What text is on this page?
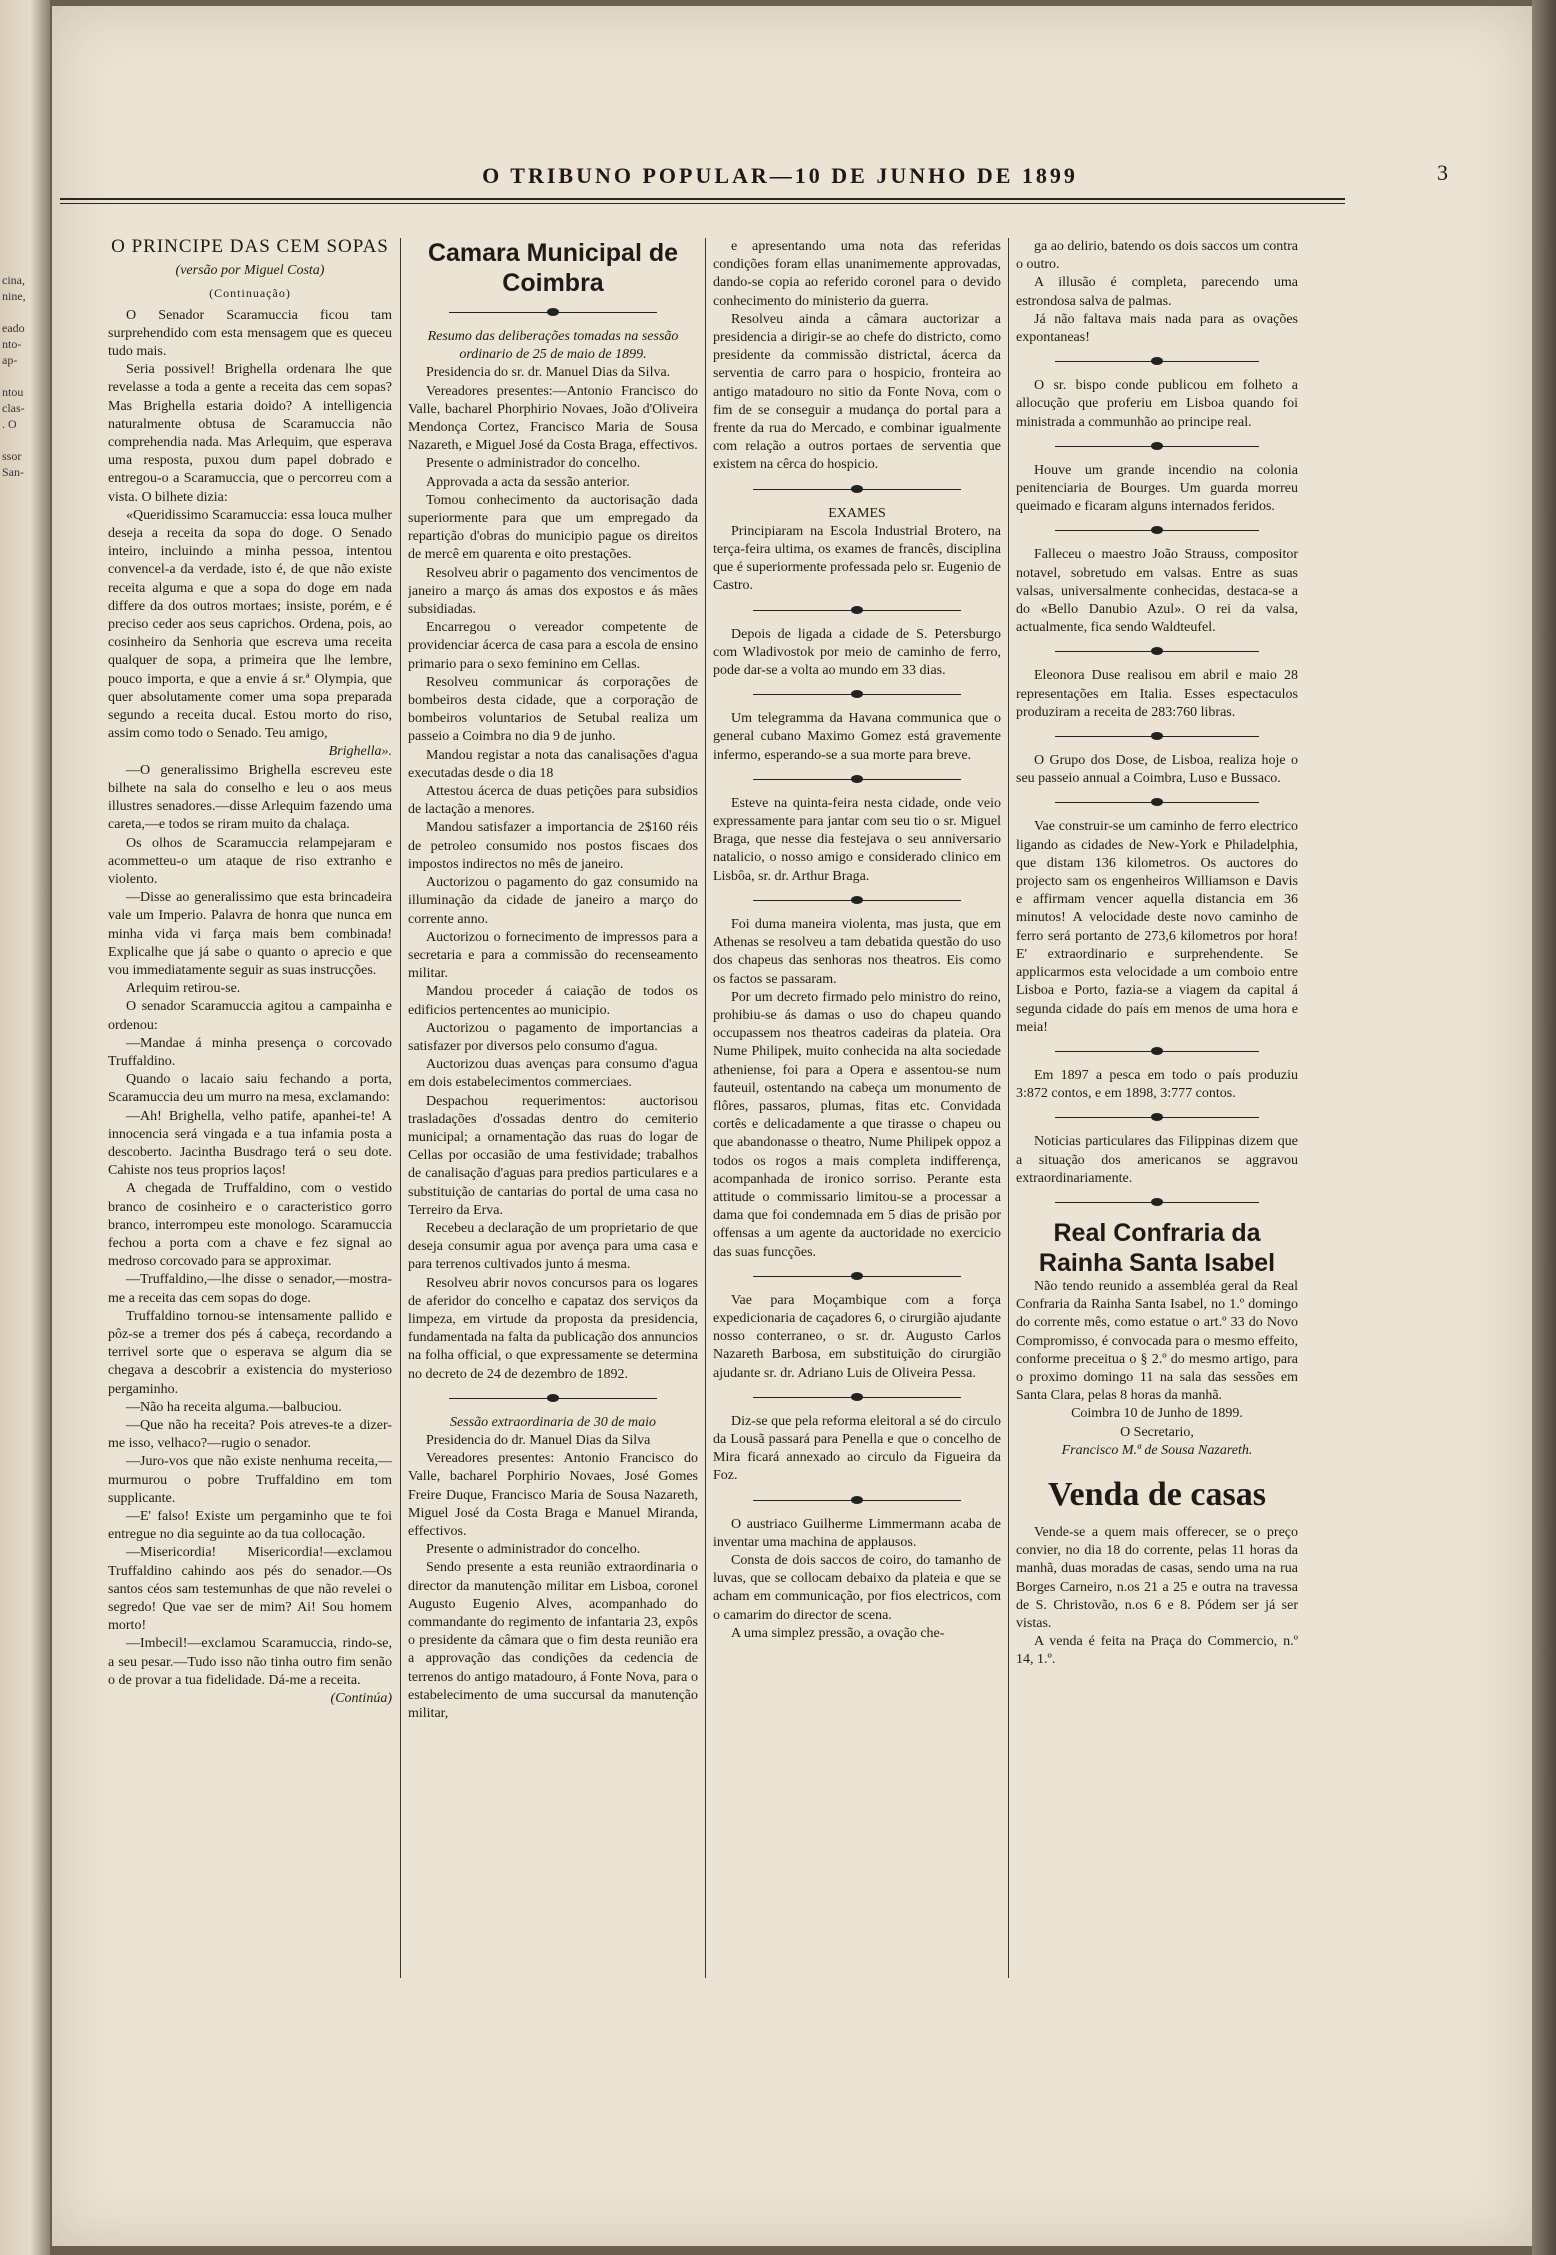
cina,
nine,

eado
nto-
ap-

ntou
clas-
. O

ssor
San-
O TRIBUNO POPULAR—10 DE JUNHO DE 1899	3

O PRINCIPE DAS CEM SOPAS

(versão por Miguel Costa)

(Continuação)

O Senador Scaramuccia ficou tam surprehendido com esta mensagem que es queceu tudo mais.

Seria possivel! Brighella ordenara lhe que revelasse a toda a gente a receita das cem sopas? Mas Brighella estaria doido? A intelligencia naturalmente obtusa de Scaramuccia não comprehendia nada. Mas Arlequim, que esperava uma resposta, puxou dum papel dobrado e entregou-o a Scaramuccia, que o percorreu com a vista. O bilhete dizia:

«Queridissimo Scaramuccia: essa louca mulher deseja a receita da sopa do doge. O Senado inteiro, incluindo a minha pessoa, intentou convencel-a da verdade, isto é, de que não existe receita alguma e que a sopa do doge em nada differe da dos outros mortaes; insiste, porém, e é preciso ceder aos seus caprichos. Ordena, pois, ao cosinheiro da Senhoria que escreva uma receita qualquer de sopa, a primeira que lhe lembre, pouco importa, e que a envie á sr.ª Olympia, que quer absolutamente comer uma sopa preparada segundo a receita ducal. Estou morto do riso, assim como todo o Senado. Teu amigo,

Brighella».

—O generalissimo Brighella escreveu este bilhete na sala do conselho e leu o aos meus illustres senadores.—disse Arlequim fazendo uma careta,—e todos se riram muito da chalaça.

Os olhos de Scaramuccia relampejaram e acommetteu-o um ataque de riso extranho e violento.

—Disse ao generalissimo que esta brincadeira vale um Imperio. Palavra de honra que nunca em minha vida vi farça mais bem combinada! Explicalhe que já sabe o quanto o aprecio e que vou immediatamente seguir as suas instrucções.

Arlequim retirou-se.

O senador Scaramuccia agitou a campainha e ordenou:

—Mandae á minha presença o corcovado Truffaldino.

Quando o lacaio saiu fechando a porta, Scaramuccia deu um murro na mesa, exclamando:

—Ah! Brighella, velho patife, apanhei-te! A innocencia será vingada e a tua infamia posta a descoberto. Jacintha Busdrago terá o seu dote. Cahiste nos teus proprios laços!

A chegada de Truffaldino, com o vestido branco de cosinheiro e o caracteristico gorro branco, interrompeu este monologo. Scaramuccia fechou a porta com a chave e fez signal ao medroso corcovado para se approximar.

—Truffaldino,—lhe disse o senador,—mostra-me a receita das cem sopas do doge.

Truffaldino tornou-se intensamente pallido e pôz-se a tremer dos pés á cabeça, recordando a terrivel sorte que o esperava se algum dia se chegava a descobrir a existencia do mysterioso pergaminho.

—Não ha receita alguma.—balbuciou.

—Que não ha receita? Pois atreves-te a dizer-me isso, velhaco?—rugio o senador.

—Juro-vos que não existe nenhuma receita,—murmurou o pobre Truffaldino em tom supplicante.

—E' falso! Existe um pergaminho que te foi entregue no dia seguinte ao da tua collocação.

—Misericordia! Misericordia!—exclamou Truffaldino cahindo aos pés do senador.—Os santos céos sam testemunhas de que não revelei o segredo! Que vae ser de mim? Ai! Sou homem morto!

—Imbecil!—exclamou Scaramuccia, rindo-se, a seu pesar.—Tudo isso não tinha outro fim senão o de provar a tua fidelidade. Dá-me a receita.

(Continúa)

Camara Municipal de Coimbra

Resumo das deliberações tomadas na sessão ordinario de 25 de maio de 1899.

Presidencia do sr. dr. Manuel Dias da Silva.

Vereadores presentes:—Antonio Francisco do Valle, bacharel Phorphirio Novaes, João d'Oliveira Mendonça Cortez, Francisco Maria de Sousa Nazareth, e Miguel José da Costa Braga, effectivos.

Presente o administrador do concelho.

Approvada a acta da sessão anterior.

Tomou conhecimento da auctorisação dada superiormente para que um empregado da repartição d'obras do municipio pague os direitos de mercê em quarenta e oito prestações.

Resolveu abrir o pagamento dos vencimentos de janeiro a março ás amas dos expostos e ás mães subsidiadas.

Encarregou o vereador competente de providenciar ácerca de casa para a escola de ensino primario para o sexo feminino em Cellas.

Resolveu communicar ás corporações de bombeiros desta cidade, que a corporação de bombeiros voluntarios de Setubal realiza um passeio a Coimbra no dia 9 de junho.

Mandou registar a nota das canalisações d'agua executadas desde o dia 18

Attestou ácerca de duas petições para subsidios de lactação a menores.

Mandou satisfazer a importancia de 2$160 réis de petroleo consumido nos postos fiscaes dos impostos indirectos no mês de janeiro.

Auctorizou o pagamento do gaz consumido na illuminação da cidade de janeiro a março do corrente anno.

Auctorizou o fornecimento de impressos para a secretaria e para a commissão do recenseamento militar.

Mandou proceder á caiação de todos os edificios pertencentes ao municipio.

Auctorizou o pagamento de importancias a satisfazer por diversos pelo consumo d'agua.

Auctorizou duas avenças para consumo d'agua em dois estabelecimentos commerciaes.

Despachou requerimentos: auctorisou trasladações d'ossadas dentro do cemiterio municipal; a ornamentação das ruas do logar de Cellas por occasião de uma festividade; trabalhos de canalisação d'aguas para predios particulares e a substituição de cantarias do portal de uma casa no Terreiro da Erva.

Recebeu a declaração de um proprietario de que deseja consumir agua por avença para uma casa e para terrenos cultivados junto á mesma.

Resolveu abrir novos concursos para os logares de aferidor do concelho e capataz dos serviços da limpeza, em virtude da proposta da presidencia, fundamentada na falta da publicação dos annuncios na folha official, o que expressamente se determina no decreto de 24 de dezembro de 1892.

Sessão extraordinaria de 30 de maio

Presidencia do dr. Manuel Dias da Silva

Vereadores presentes: Antonio Francisco do Valle, bacharel Porphirio Novaes, José Gomes Freire Duque, Francisco Maria de Sousa Nazareth, Miguel José da Costa Braga e Manuel Miranda, effectivos.

Presente o administrador do concelho.

Sendo presente a esta reunião extraordinaria o director da manutenção militar em Lisboa, coronel Augusto Eugenio Alves, acompanhado do commandante do regimento de infantaria 23, expôs o presidente da câmara que o fim desta reunião era a approvação das condições da cedencia de terrenos do antigo matadouro, á Fonte Nova, para o estabelecimento de uma succursal da manutenção militar,

e apresentando uma nota das referidas condições foram ellas unanimemente approvadas, dando-se copia ao referido coronel para o devido conhecimento do ministerio da guerra.

Resolveu ainda a câmara auctorizar a presidencia a dirigir-se ao chefe do districto, como presidente da commissão districtal, ácerca da serventia de carro para o hospicio, fronteira ao antigo matadouro no sitio da Fonte Nova, com o fim de se conseguir a mudança do portal para a frente da rua do Mercado, e combinar igualmente com relação a outros portaes de serventia que existem na cêrca do hospicio.

EXAMES

Principiaram na Escola Industrial Brotero, na terça-feira ultima, os exames de francês, disciplina que é superiormente professada pelo sr. Eugenio de Castro.

Depois de ligada a cidade de S. Petersburgo com Wladivostok por meio de caminho de ferro, pode dar-se a volta ao mundo em 33 dias.

Um telegramma da Havana communica que o general cubano Maximo Gomez está gravemente infermo, esperando-se a sua morte para breve.

Esteve na quinta-feira nesta cidade, onde veio expressamente para jantar com seu tio o sr. Miguel Braga, que nesse dia festejava o seu anniversario natalicio, o nosso amigo e considerado clinico em Lisbôa, sr. dr. Arthur Braga.

Foi duma maneira violenta, mas justa, que em Athenas se resolveu a tam debatida questão do uso dos chapeus das senhoras nos theatros. Eis como os factos se passaram.

Por um decreto firmado pelo ministro do reino, prohibiu-se ás damas o uso do chapeu quando occupassem nos theatros cadeiras da plateia. Ora Nume Philipek, muito conhecida na alta sociedade atheniense, foi para a Opera e assentou-se num fauteuil, ostentando na cabeça um monumento de flôres, passaros, plumas, fitas etc. Convidada cortês e delicadamente a que tirasse o chapeu ou que abandonasse o theatro, Nume Philipek oppoz a todos os rogos a mais completa indifferença, acompanhada de ironico sorriso. Perante esta attitude o commissario limitou-se a processar a dama que foi condemnada em 5 dias de prisão por offensas a um agente da auctoridade no exercicio das suas funcções.

Vae para Moçambique com a força expedicionaria de caçadores 6, o cirurgião ajudante nosso conterraneo, o sr. dr. Augusto Carlos Nazareth Barbosa, em substituição do cirurgião ajudante sr. dr. Adriano Luis de Oliveira Pessa.

Diz-se que pela reforma eleitoral a sé do circulo da Lousã passará para Penella e que o concelho de Mira ficará annexado ao circulo da Figueira da Foz.

O austriaco Guilherme Limmermann acaba de inventar uma machina de applausos.

Consta de dois saccos de coiro, do tamanho de luvas, que se collocam debaixo da plateia e que se acham em communicação, por fios electricos, com o camarim do director de scena.

A uma simplez pressão, a ovação che-

ga ao delirio, batendo os dois saccos um contra o outro.

A illusão é completa, parecendo uma estrondosa salva de palmas.

Já não faltava mais nada para as ovações expontaneas!

O sr. bispo conde publicou em folheto a allocução que proferiu em Lisboa quando foi ministrada a communhão ao principe real.

Houve um grande incendio na colonia penitenciaria de Bourges. Um guarda morreu queimado e ficaram alguns internados feridos.

Falleceu o maestro João Strauss, compositor notavel, sobretudo em valsas. Entre as suas valsas, universalmente conhecidas, destaca-se a do «Bello Danubio Azul». O rei da valsa, actualmente, fica sendo Waldteufel.

Eleonora Duse realisou em abril e maio 28 representações em Italia. Esses espectaculos produziram a receita de 283:760 libras.

O Grupo dos Dose, de Lisboa, realiza hoje o seu passeio annual a Coimbra, Luso e Bussaco.

Vae construir-se um caminho de ferro electrico ligando as cidades de New-York e Philadelphia, que distam 136 kilometros. Os auctores do projecto sam os engenheiros Williamson e Davis e affirmam vencer aquella distancia em 36 minutos! A velocidade deste novo caminho de ferro será portanto de 273,6 kilometros por hora! E' extraordinario e surprehendente. Se applicarmos esta velocidade a um comboio entre Lisboa e Porto, fazia-se a viagem da capital á segunda cidade do país em menos de uma hora e meia!

Em 1897 a pesca em todo o país produziu 3:872 contos, e em 1898, 3:777 contos.

Noticias particulares das Filippinas dizem que a situação dos americanos se aggravou extraordinariamente.

Real Confraria da Rainha Santa Isabel

Não tendo reunido a assembléa geral da Real Confraria da Rainha Santa Isabel, no 1.º domingo do corrente mês, como estatue o art.º 33 do Novo Compromisso, é convocada para o mesmo effeito, conforme preceitua o § 2.º do mesmo artigo, para o proximo domingo 11 na sala das sessões em Santa Clara, pelas 8 horas da manhã.

Coimbra 10 de Junho de 1899.

O Secretario,

Francisco M.ª de Sousa Nazareth.

Venda de casas

Vende-se a quem mais offerecer, se o preço convier, no dia 18 do corrente, pelas 11 horas da manhã, duas moradas de casas, sendo uma na rua Borges Carneiro, n.os 21 a 25 e outra na travessa de S. Christovão, n.os 6 e 8. Pódem ser já ser vistas.

A venda é feita na Praça do Commercio, n.º 14, 1.º.
